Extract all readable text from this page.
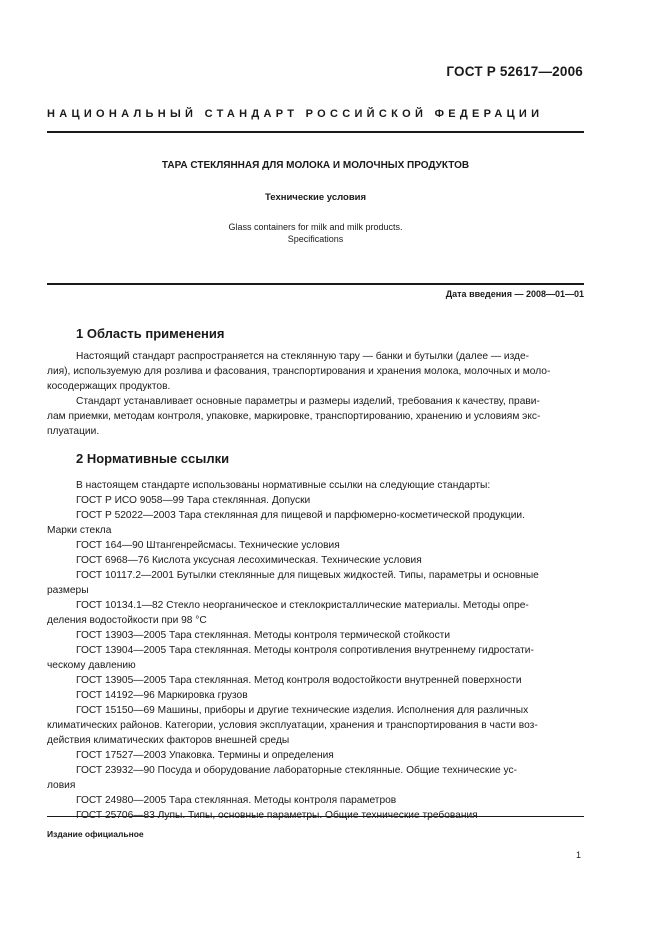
ГОСТ Р 52617—2006
НАЦИОНАЛЬНЫЙ СТАНДАРТ РОССИЙСКОЙ ФЕДЕРАЦИИ
ТАРА СТЕКЛЯННАЯ ДЛЯ МОЛОКА И МОЛОЧНЫХ ПРОДУКТОВ
Технические условия
Glass containers for milk and milk products.
Specifications
Дата введения — 2008—01—01
1 Область применения
Настоящий стандарт распространяется на стеклянную тару — банки и бутылки (далее — изде-
лия), используемую для розлива и фасования, транспортирования и хранения молока, молочных и моло-
косодержащих продуктов.
Стандарт устанавливает основные параметры и размеры изделий, требования к качеству, прави-
лам приемки, методам контроля, упаковке, маркировке, транспортированию, хранению и условиям экс-
плуатации.
2 Нормативные ссылки
В настоящем стандарте использованы нормативные ссылки на следующие стандарты:
ГОСТ Р ИСО 9058—99 Тара стеклянная. Допуски
ГОСТ Р 52022—2003 Тара стеклянная для пищевой и парфюмерно-косметической продукции.
Марки стекла
ГОСТ 164—90 Штангенрейсмасы. Технические условия
ГОСТ 6968—76 Кислота уксусная лесохимическая. Технические условия
ГОСТ 10117.2—2001 Бутылки стеклянные для пищевых жидкостей. Типы, параметры и основные
размеры
ГОСТ 10134.1—82 Стекло неорганическое и стеклокристаллические материалы. Методы опре-
деления водостойкости при 98 °С
ГОСТ 13903—2005 Тара стеклянная. Методы контроля термической стойкости
ГОСТ 13904—2005 Тара стеклянная. Методы контроля сопротивления внутреннему гидростати-
ческому давлению
ГОСТ 13905—2005 Тара стеклянная. Метод контроля водостойкости внутренней поверхности
ГОСТ 14192—96 Маркировка грузов
ГОСТ 15150—69 Машины, приборы и другие технические изделия. Исполнения для различных
климатических районов. Категории, условия эксплуатации, хранения и транспортирования в части воз-
действия климатических факторов внешней среды
ГОСТ 17527—2003 Упаковка. Термины и определения
ГОСТ 23932—90 Посуда и оборудование лабораторные стеклянные. Общие технические ус-
ловия
ГОСТ 24980—2005 Тара стеклянная. Методы контроля параметров
ГОСТ 25706—83 Лупы. Типы, основные параметры. Общие технические требования
Издание официальное
1
